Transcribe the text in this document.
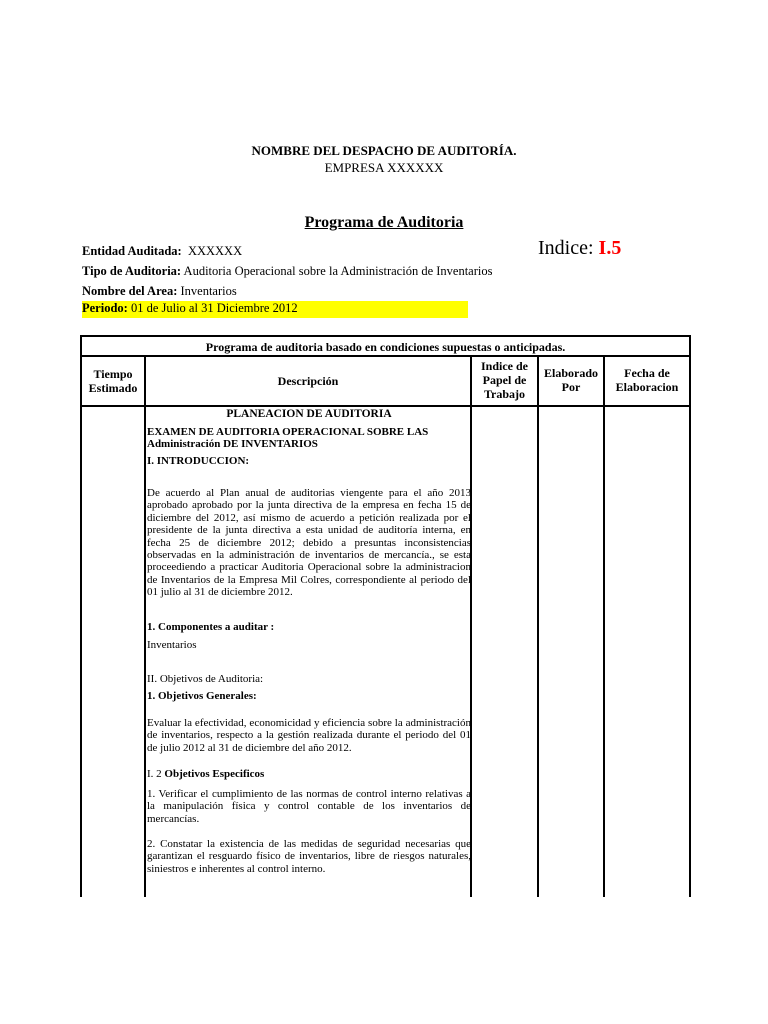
NOMBRE DEL DESPACHO DE AUDITORÍA.
EMPRESA XXXXXX
Programa de Auditoria
Entidad Auditada: XXXXXX
Tipo de Auditoria: Auditoria Operacional sobre la Administración de Inventarios
Nombre del Area: Inventarios
Periodo: 01 de Julio al 31 Diciembre 2012
Indice: I.5
Programa de auditoria basado en condiciones supuestas o anticipadas.
Tiempo
Estimado	Descripción
Indice de
Papel de
Trabajo
Elaborado
Por
Fecha de
Elaboracion
PLANEACION DE AUDITORIA
EXAMEN DE AUDITORIA OPERACIONAL SOBRE LAS
Administración DE INVENTARIOS
I. INTRODUCCION:
De acuerdo al Plan anual de auditorias viengente para el año 2013 aprobado aprobado por la junta directiva de la empresa en fecha 15 de diciembre del 2012, así mismo de acuerdo a petición realizada por el presidente de la junta directiva a esta unidad de auditoría interna, en fecha 25 de diciembre 2012; debido a presuntas inconsistencias observadas en la administración de inventarios de mercancía., se esta proceediendo a practicar Auditoria Operacional sobre la administracion de Inventarios de la Empresa Mil Colres, correspondiente al periodo del 01 julio al 31 de diciembre 2012.
1. Componentes a auditar :
Inventarios
II. Objetivos de Auditoria:
1. Objetivos Generales:
Evaluar la efectividad, economicidad y eficiencia sobre la administración de inventarios, respecto a la gestión realizada durante el periodo del 01 de julio 2012 al 31 de diciembre del año 2012.
I. 2 Objetivos Especificos
1. Verificar el cumplimiento de las normas de control interno relativas a la manipulación física y control contable de los inventarios de mercancías.
2. Constatar la existencia de las medidas de seguridad necesarias que garantizan el resguardo físico de inventarios, libre de riesgos naturales, siniestros e inherentes al control interno.
